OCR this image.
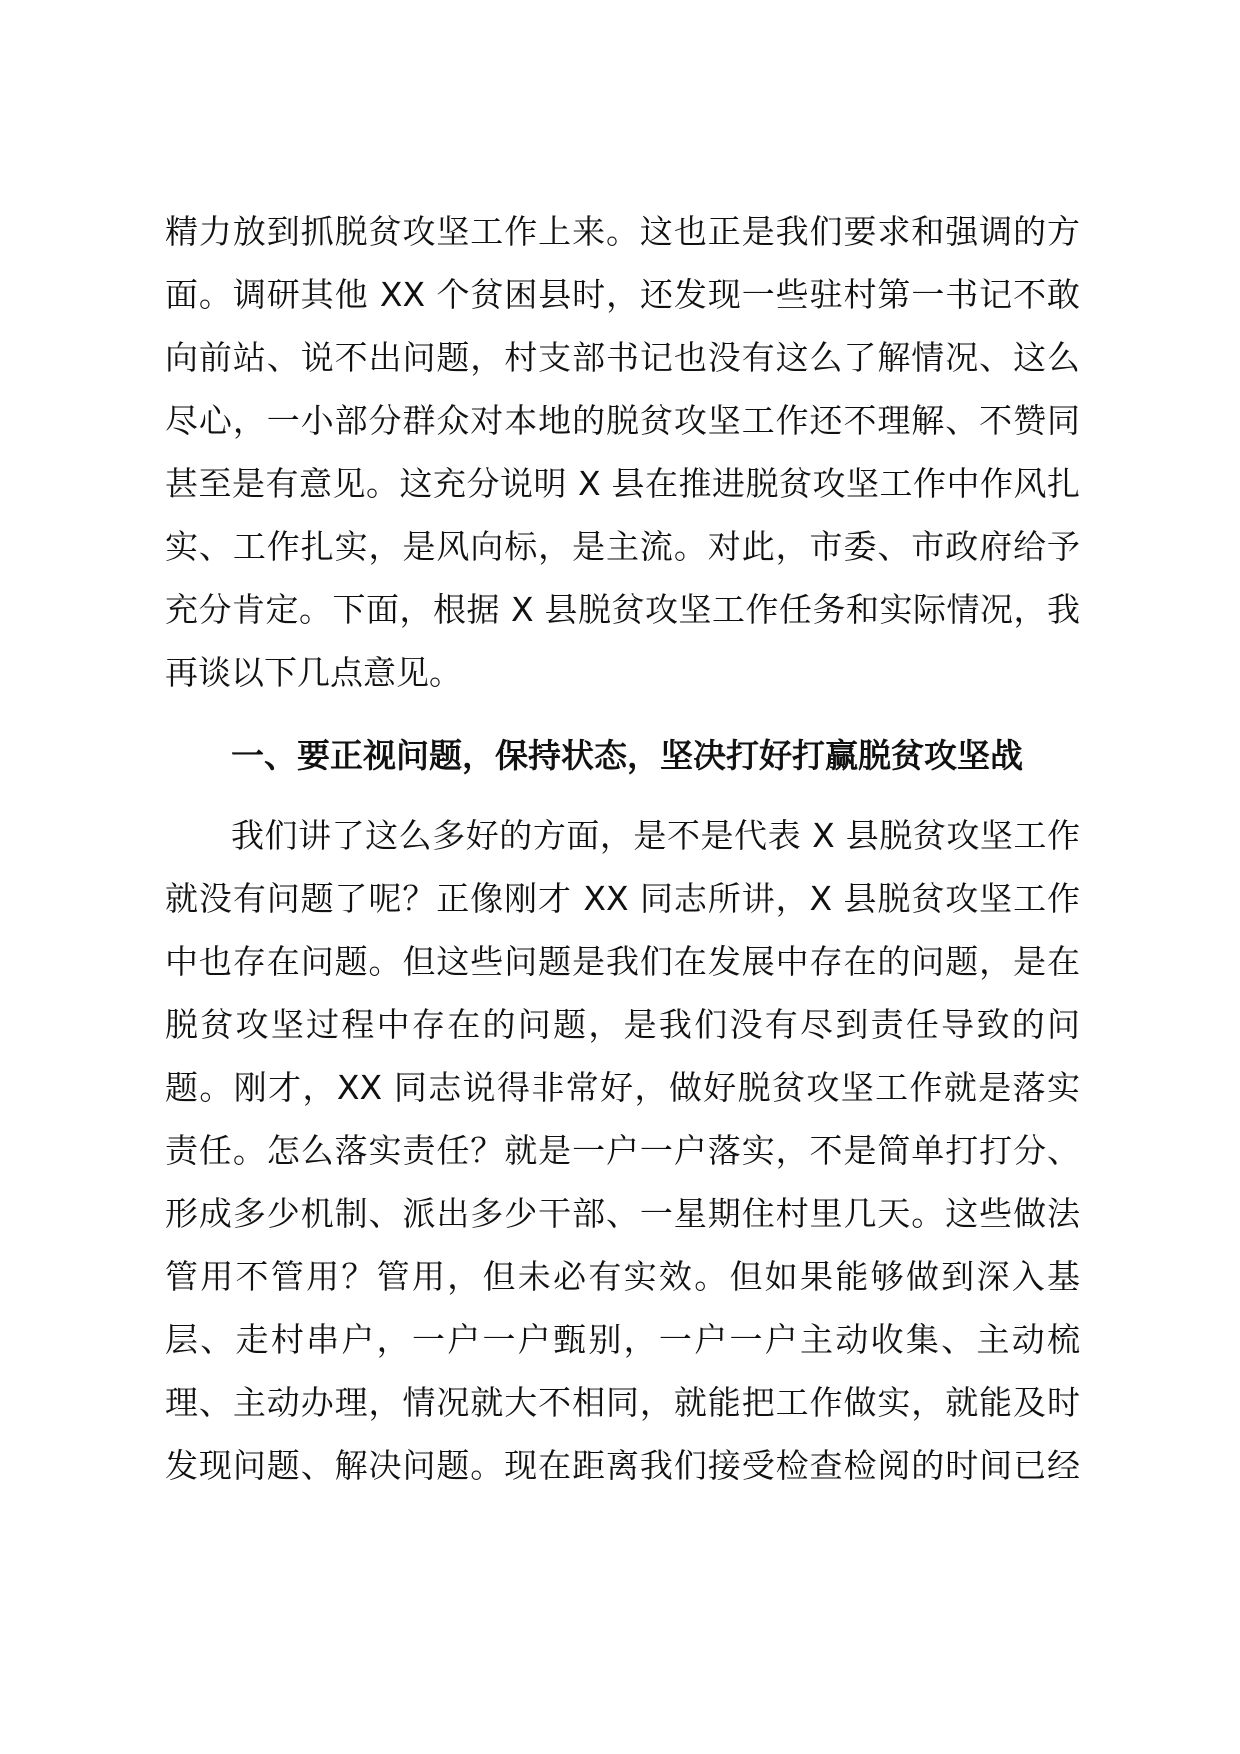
精力放到抓脱贫攻坚工作上来。这也正是我们要求和强调的方
面。调研其他 XX 个贫困县时，还发现一些驻村第一书记不敢
向前站、说不出问题，村支部书记也没有这么了解情况、这么
尽心，一小部分群众对本地的脱贫攻坚工作还不理解、不赞同
甚至是有意见。这充分说明 X 县在推进脱贫攻坚工作中作风扎
实、工作扎实，是风向标，是主流。对此，市委、市政府给予
充分肯定。下面，根据 X 县脱贫攻坚工作任务和实际情况，我
再谈以下几点意见。
一、要正视问题，保持状态，坚决打好打赢脱贫攻坚战
我们讲了这么多好的方面，是不是代表 X 县脱贫攻坚工作
就没有问题了呢？正像刚才 XX 同志所讲，X 县脱贫攻坚工作
中也存在问题。但这些问题是我们在发展中存在的问题，是在
脱贫攻坚过程中存在的问题，是我们没有尽到责任导致的问
题。刚才，XX 同志说得非常好，做好脱贫攻坚工作就是落实
责任。怎么落实责任？就是一户一户落实，不是简单打打分、
形成多少机制、派出多少干部、一星期住村里几天。这些做法
管用不管用？管用，但未必有实效。但如果能够做到深入基
层、走村串户，一户一户甄别，一户一户主动收集、主动梳
理、主动办理，情况就大不相同，就能把工作做实，就能及时
发现问题、解决问题。现在距离我们接受检查检阅的时间已经
